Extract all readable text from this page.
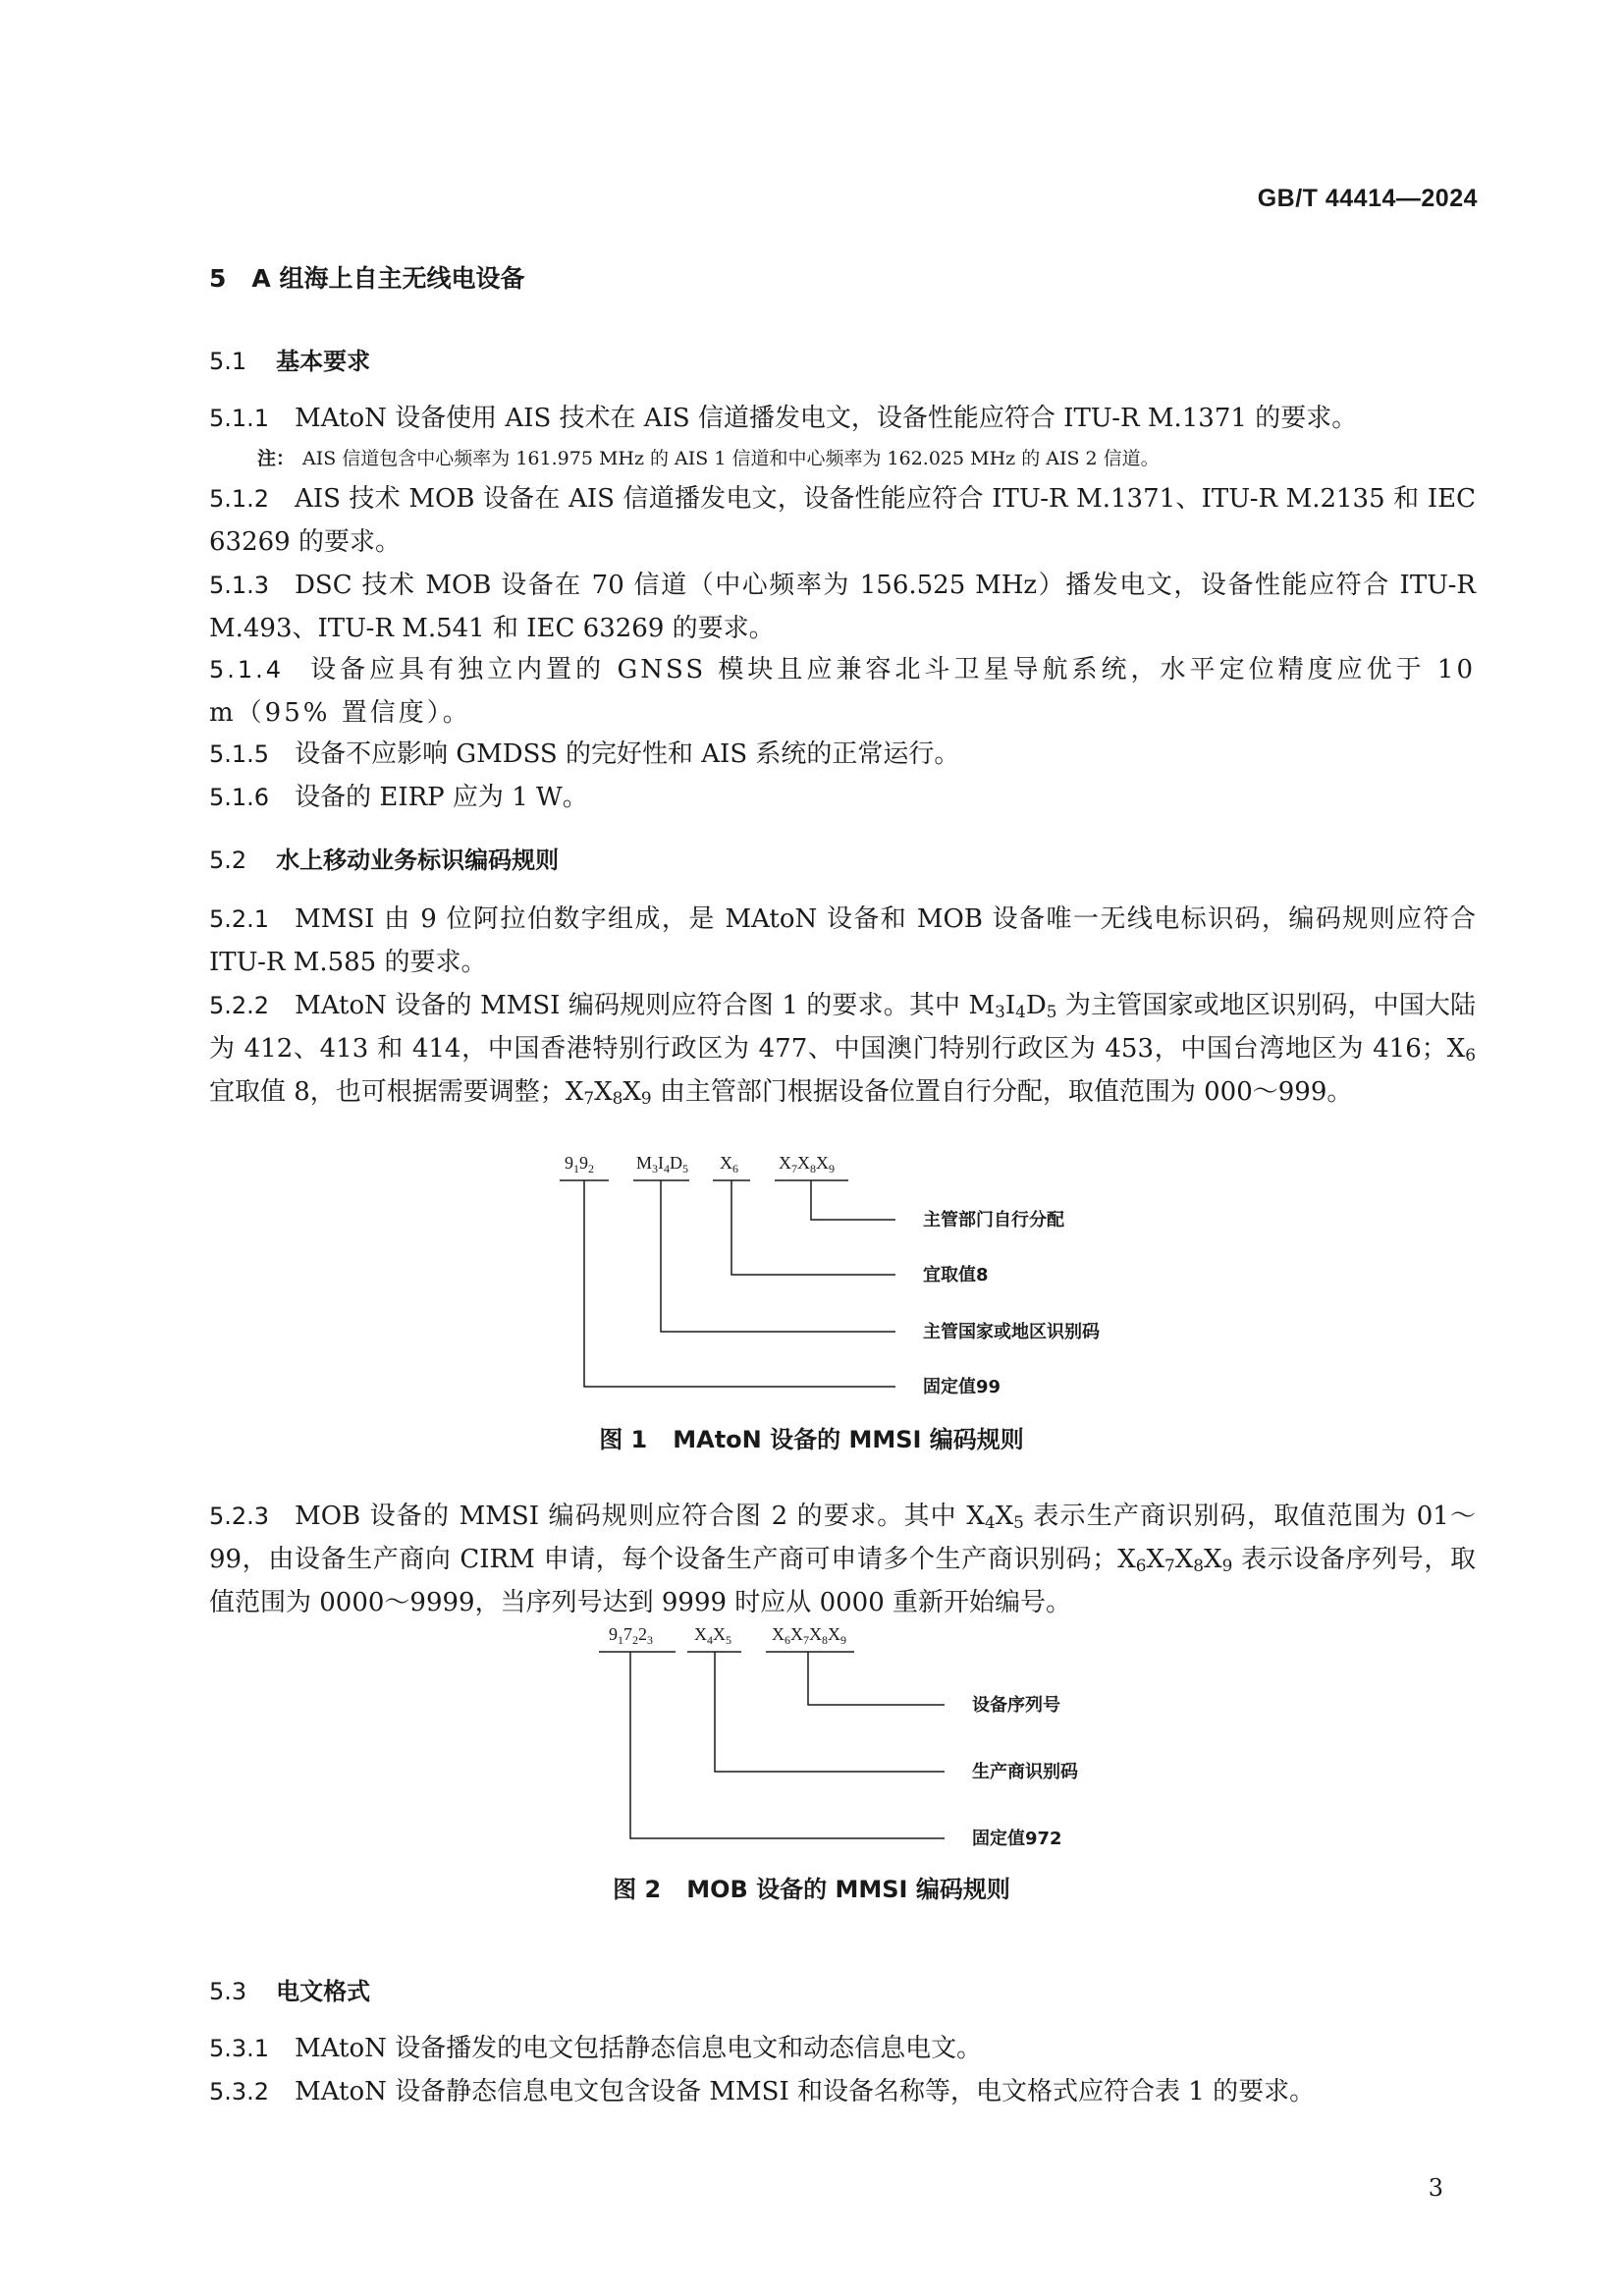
GB/T 44414—2024
5 A 组海上自主无线电设备
5.1 基本要求
5.1.1 MAtoN 设备使用 AIS 技术在 AIS 信道播发电文，设备性能应符合 ITU-R M.1371 的要求。
注： AIS 信道包含中心频率为 161.975 MHz 的 AIS 1 信道和中心频率为 162.025 MHz 的 AIS 2 信道。
5.1.2 AIS 技术 MOB 设备在 AIS 信道播发电文，设备性能应符合 ITU-R M.1371、ITU-R M.2135 和 IEC 63269 的要求。
5.1.3 DSC 技术 MOB 设备在 70 信道（中心频率为 156.525 MHz）播发电文，设备性能应符合 ITU-R M.493、ITU-R M.541 和 IEC 63269 的要求。
5.1.4 设备应具有独立内置的 GNSS 模块且应兼容北斗卫星导航系统，水平定位精度应优于 10 m（95% 置信度）。
5.1.5 设备不应影响 GMDSS 的完好性和 AIS 系统的正常运行。
5.1.6 设备的 EIRP 应为 1 W。
5.2 水上移动业务标识编码规则
5.2.1 MMSI 由 9 位阿拉伯数字组成，是 MAtoN 设备和 MOB 设备唯一无线电标识码，编码规则应符合 ITU-R M.585 的要求。
5.2.2 MAtoN 设备的 MMSI 编码规则应符合图 1 的要求。其中 $M_3I_4D_5$ 为主管国家或地区识别码，中国大陆为 412、413 和 414，中国香港特别行政区为 477、中国澳门特别行政区为 453，中国台湾地区为 416；$X_6$ 宜取值 8，也可根据需要调整；$X_7X_8X_9$ 由主管部门根据设备位置自行分配，取值范围为 000～999。
$9_19_2$ $M_3I_4D_5$ $X_6$ $X_7X_8X_9$
主管部门自行分配
宜取值8
主管国家或地区识别码
固定值99
图 1 MAtoN 设备的 MMSI 编码规则
5.2.3 MOB 设备的 MMSI 编码规则应符合图 2 的要求。其中 $X_4X_5$ 表示生产商识别码，取值范围为 01～99，由设备生产商向 CIRM 申请，每个设备生产商可申请多个生产商识别码；$X_6X_7X_8X_9$ 表示设备序列号，取值范围为 0000～9999，当序列号达到 9999 时应从 0000 重新开始编号。
$9_17_22_3$ $X_4X_5$ $X_6X_7X_8X_9$
设备序列号
生产商识别码
固定值972
图 2 MOB 设备的 MMSI 编码规则
5.3 电文格式
5.3.1 MAtoN 设备播发的电文包括静态信息电文和动态信息电文。
5.3.2 MAtoN 设备静态信息电文包含设备 MMSI 和设备名称等，电文格式应符合表 1 的要求。
3
